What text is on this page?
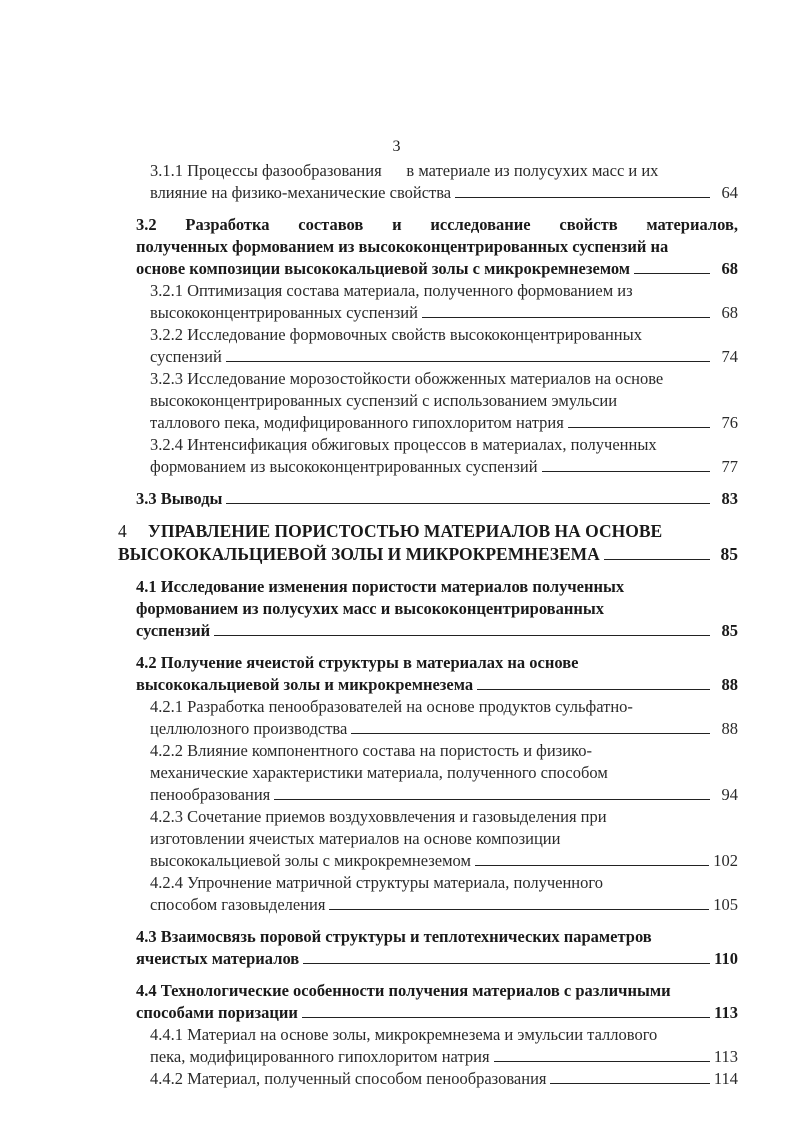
3
3.1.1 Процессы фазообразования      в материале из полусухих масс и их
влияние на физико-механические свойства	64
3.2 Разработка составов и исследование свойств материалов,
полученных формованием из высококонцентрированных суспензий на
основе композиции высококальциевой золы с микрокремнеземом	68
3.2.1 Оптимизация состава материала, полученного формованием из
высококонцентрированных суспензий	68
3.2.2 Исследование формовочных свойств высококонцентрированных
суспензий	74
3.2.3 Исследование морозостойкости обожженных материалов на основе
высококонцентрированных суспензий с использованием эмульсии
таллового пека, модифицированного гипохлоритом натрия	76
3.2.4 Интенсификация обжиговых процессов в материалах, полученных
формованием из высококонцентрированных суспензий	77
3.3 Выводы	83
4 УПРАВЛЕНИЕ ПОРИСТОСТЬЮ МАТЕРИАЛОВ НА ОСНОВЕ
ВЫСОКОКАЛЬЦИЕВОЙ ЗОЛЫ И МИКРОКРЕМНЕЗЕМА	85
4.1 Исследование изменения пористости материалов полученных
формованием из полусухих масс и высококонцентрированных
суспензий	85
4.2 Получение ячеистой структуры в материалах на основе
высококальциевой золы и микрокремнезема	88
4.2.1 Разработка пенообразователей на основе продуктов сульфатно-
целлюлозного производства	88
4.2.2 Влияние компонентного состава на пористость и физико-
механические характеристики материала, полученного способом
пенообразования	94
4.2.3 Сочетание приемов воздуховвлечения и газовыделения при
изготовлении ячеистых материалов на основе композиции
высококальциевой золы с микрокремнеземом	102
4.2.4 Упрочнение матричной структуры материала, полученного
способом газовыделения	105
4.3 Взаимосвязь поровой структуры и теплотехнических параметров
ячеистых материалов	110
4.4 Технологические особенности получения материалов с различными
способами поризации	113
4.4.1 Материал на основе золы, микрокремнезема и эмульсии таллового
пека, модифицированного гипохлоритом натрия	113
4.4.2 Материал, полученный способом пенообразования	114
